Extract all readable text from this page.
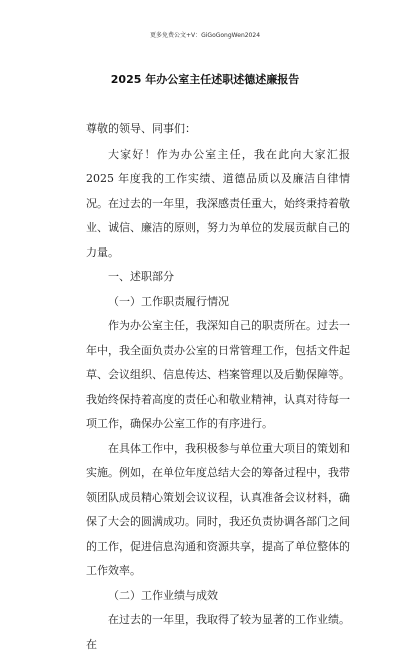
更多免费公文+V：GiGoGongWen2024
2025 年办公室主任述职述德述廉报告

尊敬的领导、同事们：

大家好！作为办公室主任，我在此向大家汇报 2025 年度我的工作实绩、道德品质以及廉洁自律情况。在过去的一年里，我深感责任重大，始终秉持着敬业、诚信、廉洁的原则，努力为单位的发展贡献自己的力量。

一、述职部分

（一）工作职责履行情况

作为办公室主任，我深知自己的职责所在。过去一年中，我全面负责办公室的日常管理工作，包括文件起草、会议组织、信息传达、档案管理以及后勤保障等。我始终保持着高度的责任心和敬业精神，认真对待每一项工作，确保办公室工作的有序进行。

在具体工作中，我积极参与单位重大项目的策划和实施。例如，在单位年度总结大会的筹备过程中，我带领团队成员精心策划会议议程，认真准备会议材料，确保了大会的圆满成功。同时，我还负责协调各部门之间的工作，促进信息沟通和资源共享，提高了单位整体的工作效率。

（二）工作业绩与成效

在过去的一年里，我取得了较为显著的工作业绩。在
